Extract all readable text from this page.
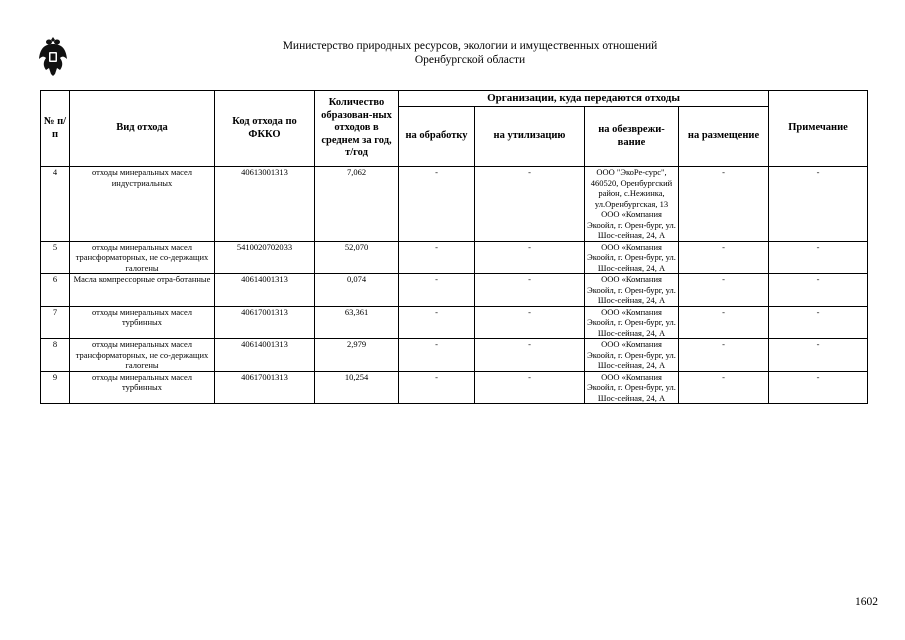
Министерство природных ресурсов, экологии и имущественных отношений
Оренбургской области
№ п/п	Вид отхода	Код отхода по ФККО	Количество образован-ных отходов в среднем за год, т/год	Организации, куда передаются отходы				Примечание
				на обработку	на утилизацию	на обезврежи-вание	на размещение	
4	отходы минеральных масел индустриальных	40613001313	7,062	-	-	ООО "ЭкоРе-сурс", 460520, Оренбургский район, с.Нежинка, ул.Оренбургская, 13 ООО «Компания Экоойл, г. Орен-бург, ул. Шос-сейная, 24, А	-	-
5	отходы минеральных масел трансформаторных, не со-держащих галогены	5410020702033	52,070	-	-	ООО «Компания Экоойл, г. Орен-бург, ул. Шос-сейная, 24, А	-	-
6	Масла компрессорные отра-ботанные	40614001313	0,074	-	-	ООО «Компания Экоойл, г. Орен-бург, ул. Шос-сейная, 24, А	-	-
7	отходы минеральных масел турбинных	40617001313	63,361	-	-	ООО «Компания Экоойл, г. Орен-бург, ул. Шос-сейная, 24, А	-	-
8	отходы минеральных масел трансформаторных, не со-держащих галогены	40614001313	2,979	-	-	ООО «Компания Экоойл, г. Орен-бург, ул. Шос-сейная, 24, А	-	-
9	отходы минеральных масел турбинных	40617001313	10,254	-	-	ООО «Компания Экоойл, г. Орен-бург, ул. Шос-сейная, 24, А	-	-
1602
